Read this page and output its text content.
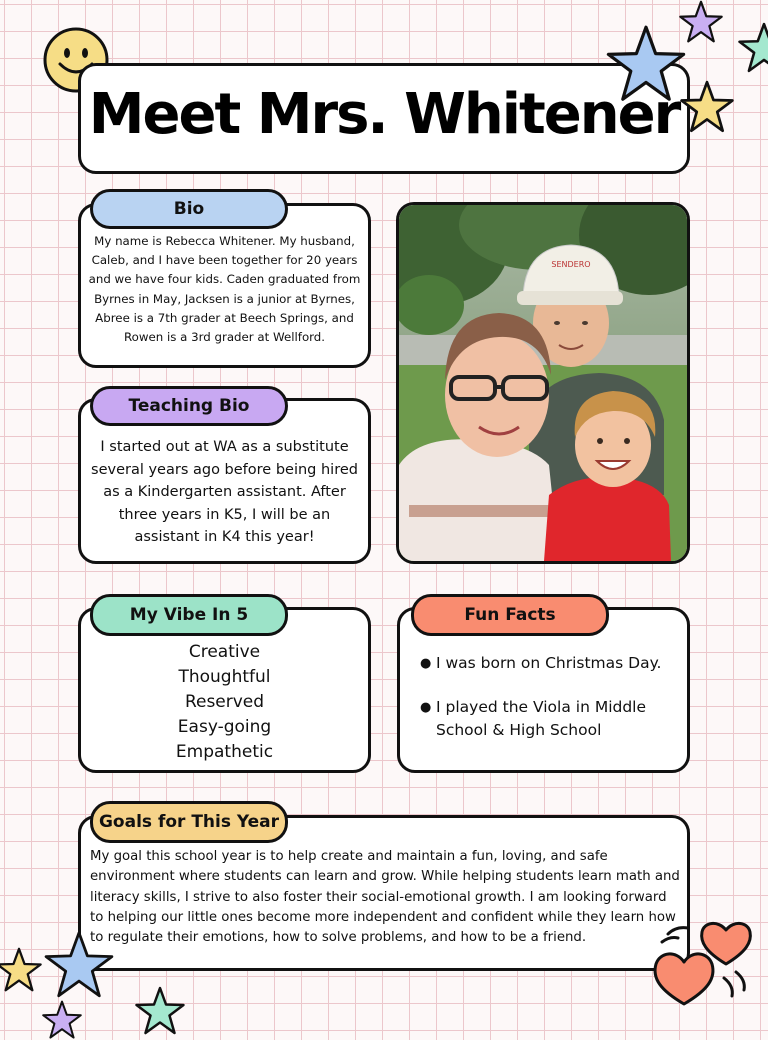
Meet Mrs. Whitener
Bio
My name is Rebecca Whitener. My husband, Caleb, and I have been together for 20 years and we have four kids. Caden graduated from Byrnes in May, Jacksen is a junior at Byrnes, Abree is a 7th grader at Beech Springs, and Rowen is a 3rd grader at Wellford.
Teaching Bio
I started out at WA as a substitute several years ago before being hired as a Kindergarten assistant. After three years in K5, I will be an assistant in K4 this year!
SENDERO
My Vibe In 5
Creative
Thoughtful
Reserved
Easy-going
Empathetic
Fun Facts
● I was born on Christmas Day.
● I played the Viola in Middle School & High School
Goals for This Year
My goal this school year is to help create and maintain a fun, loving, and safe environment where students can learn and grow. While helping students learn math and literacy skills, I strive to also foster their social-emotional growth. I am looking forward to helping our little ones become more independent and confident while they learn how to regulate their emotions, how to solve problems, and how to be a friend.
